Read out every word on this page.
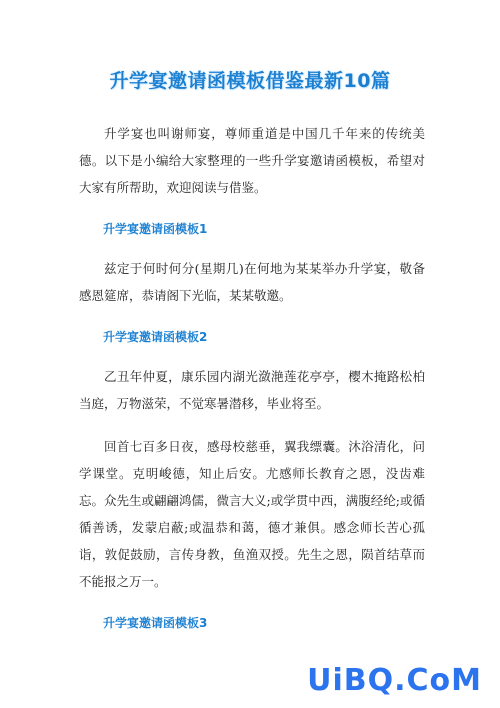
升学宴邀请函模板借鉴最新10篇

升学宴也叫谢师宴，尊师重道是中国几千年来的传统美德。以下是小编给大家整理的一些升学宴邀请函模板，希望对大家有所帮助，欢迎阅读与借鉴。

升学宴邀请函模板1

兹定于何时何分(星期几)在何地为某某举办升学宴，敬备感恩筵席，恭请阁下光临，某某敬邀。

升学宴邀请函模板2

乙丑年仲夏，康乐园内湖光潋滟莲花亭亭，樱木掩路松柏当庭，万物滋荣，不觉寒暑潜移，毕业将至。

回首七百多日夜，感母校慈垂，翼我缥囊。沐浴清化，问学课堂。克明峻德，知止后安。尤感师长教育之恩，没齿难忘。众先生或翩翩鸿儒，微言大义;或学贯中西，满腹经纶;或循循善诱，发蒙启蔽;或温恭和蔼，德才兼俱。感念师长苦心孤诣，敦促鼓励，言传身教，鱼渔双授。先生之恩，陨首结草而不能报之万一。

升学宴邀请函模板3
UiBQ.CoM
